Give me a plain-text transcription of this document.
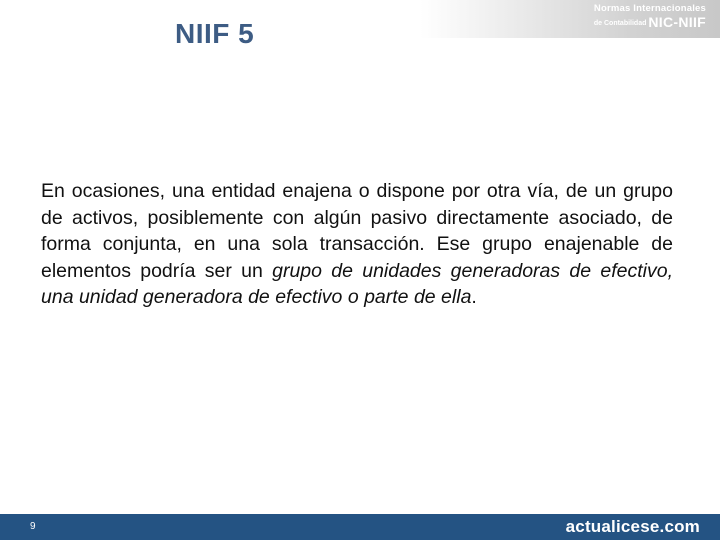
Normas Internacionales
de Contabilidad NIC-NIIF
NIIF 5

En ocasiones, una entidad enajena o dispone por otra vía, de un grupo de activos, posiblemente con algún pasivo directamente asociado, de forma conjunta, en una sola transacción. Ese grupo enajenable de elementos podría ser un grupo de unidades generadoras de efectivo, una unidad generadora de efectivo o parte de ella.

9	actualicese.com
